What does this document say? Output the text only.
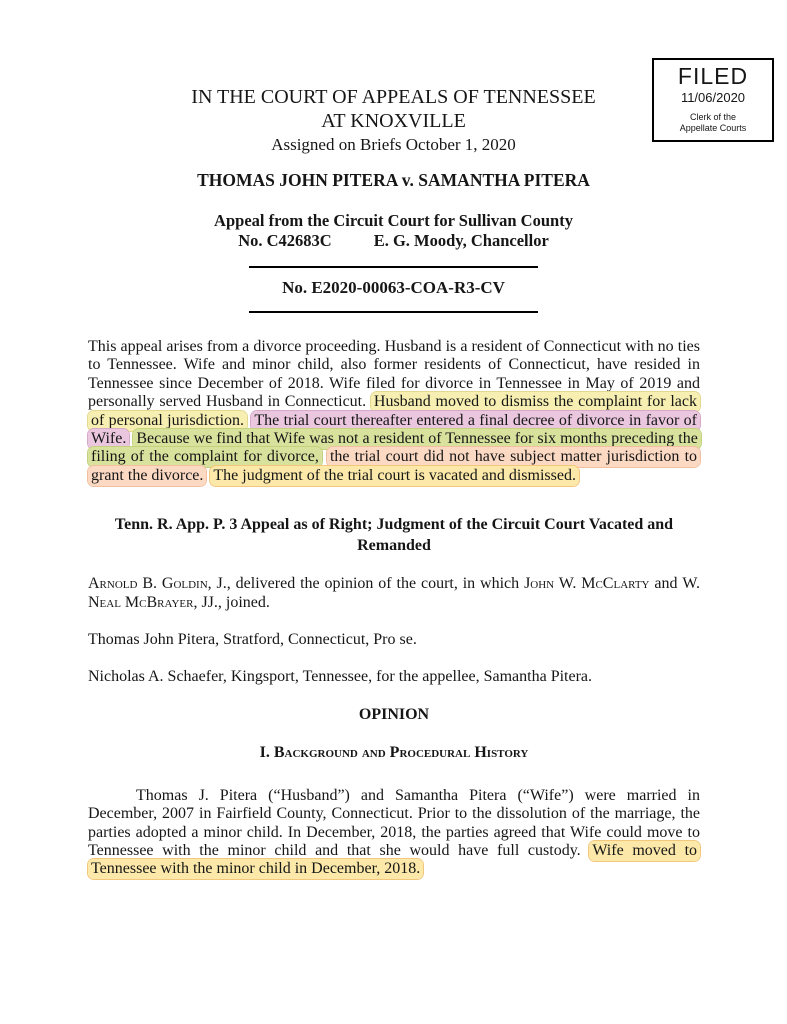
FILED
11/06/2020
Clerk of the
Appellate Courts
IN THE COURT OF APPEALS OF TENNESSEE
AT KNOXVILLE
Assigned on Briefs October 1, 2020
THOMAS JOHN PITERA v. SAMANTHA PITERA
Appeal from the Circuit Court for Sullivan County
No. C42683C	E. G. Moody, Chancellor
No. E2020-00063-COA-R3-CV

This appeal arises from a divorce proceeding. Husband is a resident of Connecticut with no ties to Tennessee. Wife and minor child, also former residents of Connecticut, have resided in Tennessee since December of 2018. Wife filed for divorce in Tennessee in May of 2019 and personally served Husband in Connecticut. Husband moved to dismiss the complaint for lack of personal jurisdiction. The trial court thereafter entered a final decree of divorce in favor of Wife. Because we find that Wife was not a resident of Tennessee for six months preceding the filing of the complaint for divorce, the trial court did not have subject matter jurisdiction to grant the divorce. The judgment of the trial court is vacated and dismissed.

Tenn. R. App. P. 3 Appeal as of Right; Judgment of the Circuit Court Vacated and Remanded

Arnold B. Goldin, J., delivered the opinion of the court, in which John W. McClarty and W. Neal McBrayer, JJ., joined.

Thomas John Pitera, Stratford, Connecticut, Pro se.

Nicholas A. Schaefer, Kingsport, Tennessee, for the appellee, Samantha Pitera.

OPINION

I. Background and Procedural History

Thomas J. Pitera (“Husband”) and Samantha Pitera (“Wife”) were married in December, 2007 in Fairfield County, Connecticut. Prior to the dissolution of the marriage, the parties adopted a minor child. In December, 2018, the parties agreed that Wife could move to Tennessee with the minor child and that she would have full custody. Wife moved to Tennessee with the minor child in December, 2018.
